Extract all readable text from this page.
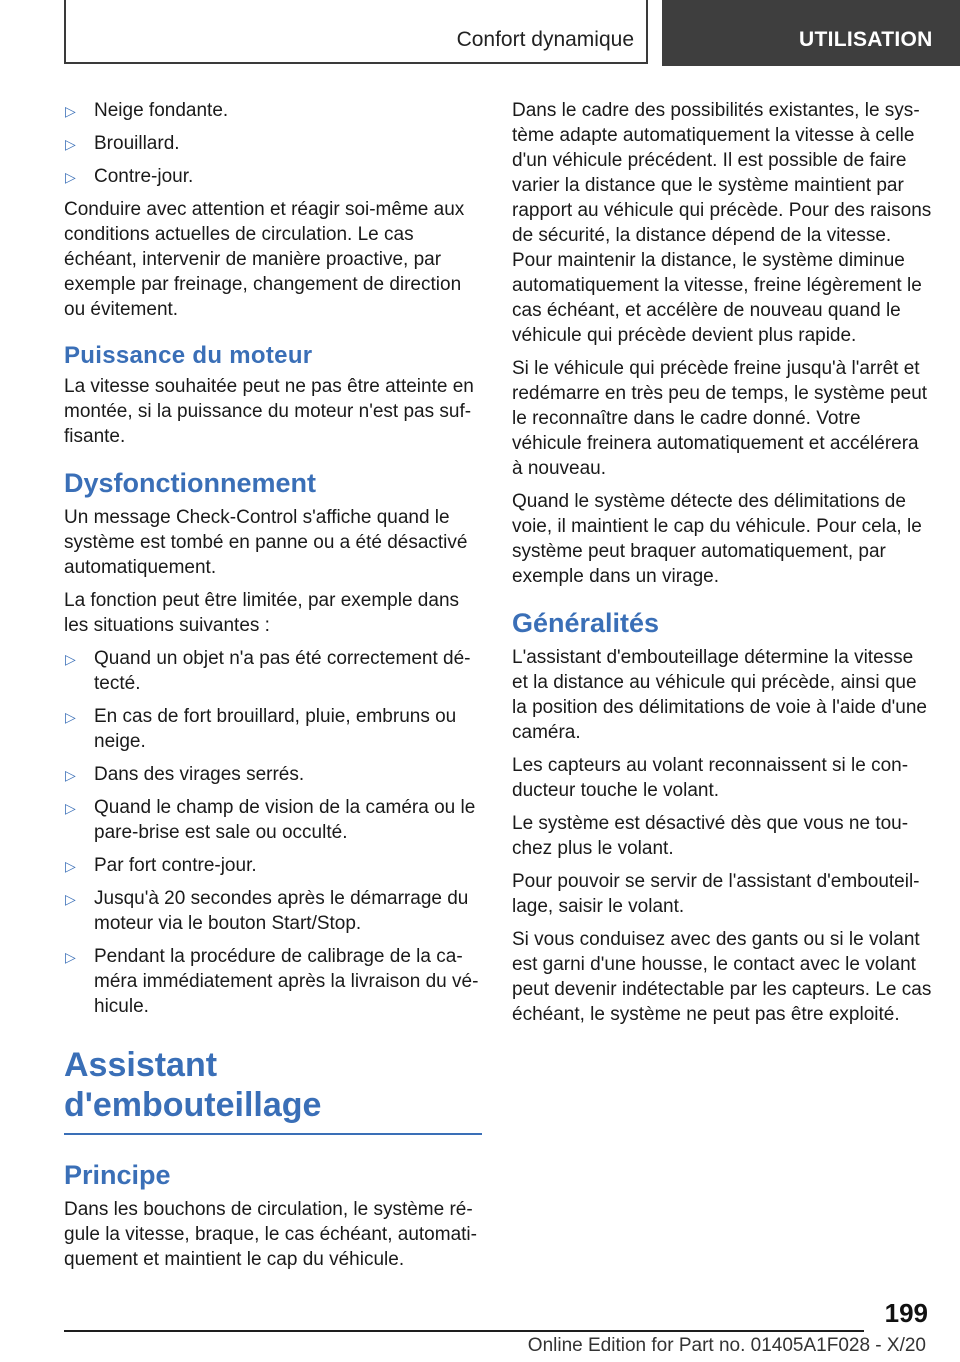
Confort dynamique	UTILISATION
▷ Neige fondante.
▷ Brouillard.
▷ Contre-jour.

Conduire avec attention et réagir soi-même aux conditions actuelles de circulation. Le cas échéant, intervenir de manière proactive, par exemple par freinage, changement de direction ou évitement.

Puissance du moteur

La vitesse souhaitée peut ne pas être atteinte en montée, si la puissance du moteur n'est pas suffisante.

Dysfonctionnement

Un message Check-Control s'affiche quand le système est tombé en panne ou a été désactivé automatiquement.

La fonction peut être limitée, par exemple dans les situations suivantes :

▷ Quand un objet n'a pas été correctement détecté.
▷ En cas de fort brouillard, pluie, embruns ou neige.
▷ Dans des virages serrés.
▷ Quand le champ de vision de la caméra ou le pare-brise est sale ou occulté.
▷ Par fort contre-jour.
▷ Jusqu'à 20 secondes après le démarrage du moteur via le bouton Start/Stop.
▷ Pendant la procédure de calibrage de la caméra immédiatement après la livraison du véhicule.
Assistant d'embouteillage
Principe

Dans les bouchons de circulation, le système régule la vitesse, braque, le cas échéant, automatiquement et maintient le cap du véhicule.

Dans le cadre des possibilités existantes, le système adapte automatiquement la vitesse à celle d'un véhicule précédent. Il est possible de faire varier la distance que le système maintient par rapport au véhicule qui précède. Pour des raisons de sécurité, la distance dépend de la vitesse. Pour maintenir la distance, le système diminue automatiquement la vitesse, freine légèrement le cas échéant, et accélère de nouveau quand le véhicule qui précède devient plus rapide.

Si le véhicule qui précède freine jusqu'à l'arrêt et redémarre en très peu de temps, le système peut le reconnaître dans le cadre donné. Votre véhicule freinera automatiquement et accélérera à nouveau.

Quand le système détecte des délimitations de voie, il maintient le cap du véhicule. Pour cela, le système peut braquer automatiquement, par exemple dans un virage.

Généralités

L'assistant d'embouteillage détermine la vitesse et la distance au véhicule qui précède, ainsi que la position des délimitations de voie à l'aide d'une caméra.

Les capteurs au volant reconnaissent si le conducteur touche le volant.

Le système est désactivé dès que vous ne touchez plus le volant.

Pour pouvoir se servir de l'assistant d'embouteillage, saisir le volant.

Si vous conduisez avec des gants ou si le volant est garni d'une housse, le contact avec le volant peut devenir indétectable par les capteurs. Le cas échéant, le système ne peut pas être exploité.

199
Online Edition for Part no. 01405A1F028 - X/20
